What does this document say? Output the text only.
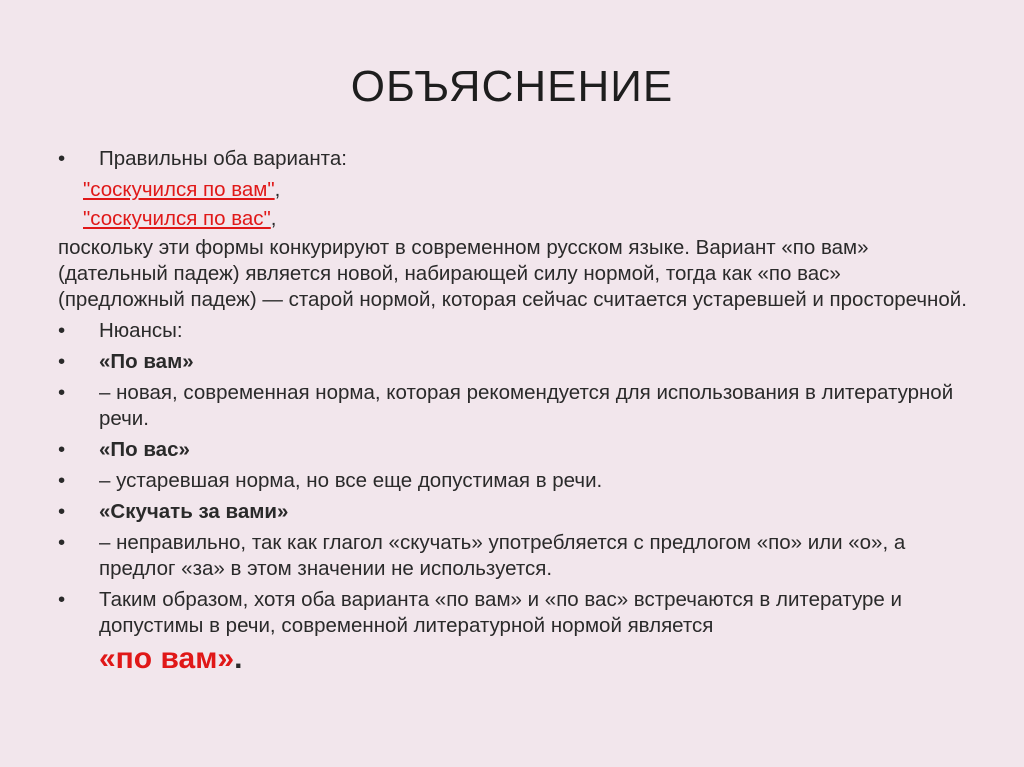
ОБЪЯСНЕНИЕ
•	Правильны оба варианта:
"соскучился по вам",
"соскучился по вас",
поскольку эти формы конкурируют в современном русском языке. Вариант «по вам» (дательный падеж) является новой, набирающей силу нормой, тогда как «по вас» (предложный падеж) — старой нормой, которая сейчас считается устаревшей и просторечной.
•	Нюансы:
•	«По вам»
•	– новая, современная норма, которая рекомендуется для использования в литературной речи.
•	«По вас»
•	– устаревшая норма, но все еще допустимая в речи.
•	«Скучать за вами»
•	– неправильно, так как глагол «скучать» употребляется с предлогом «по» или «о», а предлог «за» в этом значении не используется.
•	Таким образом, хотя оба варианта «по вам» и «по вас» встречаются в литературе и допустимы в речи, современной литературной нормой является
«по вам».
